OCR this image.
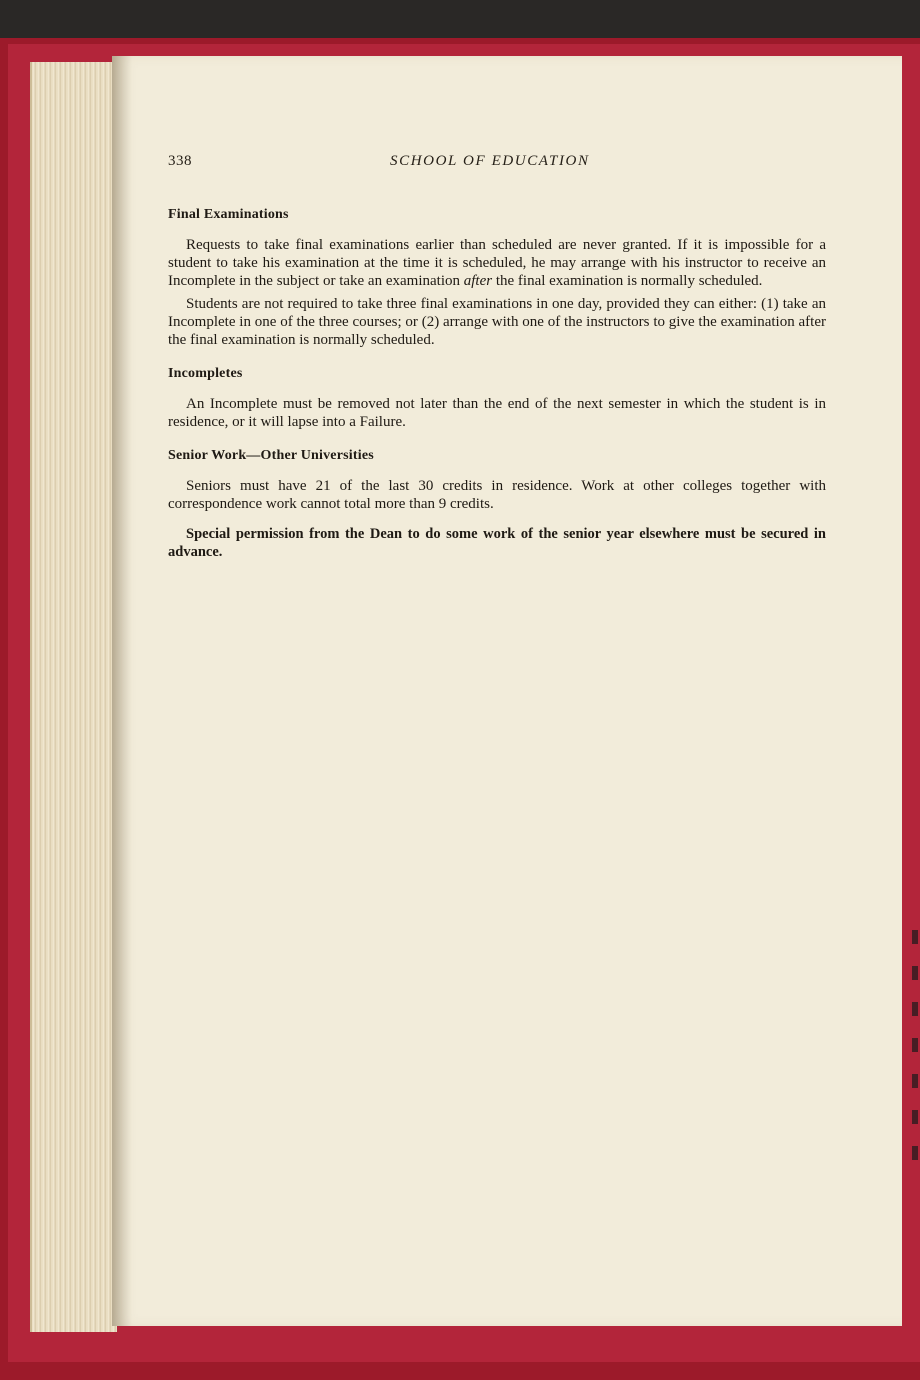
338	SCHOOL OF EDUCATION
Final Examinations

Requests to take final examinations earlier than scheduled are never granted. If it is impossible for a student to take his examination at the time it is scheduled, he may arrange with his instructor to receive an Incomplete in the subject or take an examination after the final examination is normally scheduled.

Students are not required to take three final examinations in one day, provided they can either: (1) take an Incomplete in one of the three courses; or (2) arrange with one of the instructors to give the examination after the final examination is normally scheduled.

Incompletes

An Incomplete must be removed not later than the end of the next semester in which the student is in residence, or it will lapse into a Failure.

Senior Work—Other Universities

Seniors must have 21 of the last 30 credits in residence. Work at other colleges together with correspondence work cannot total more than 9 credits.

Special permission from the Dean to do some work of the senior year elsewhere must be secured in advance.
